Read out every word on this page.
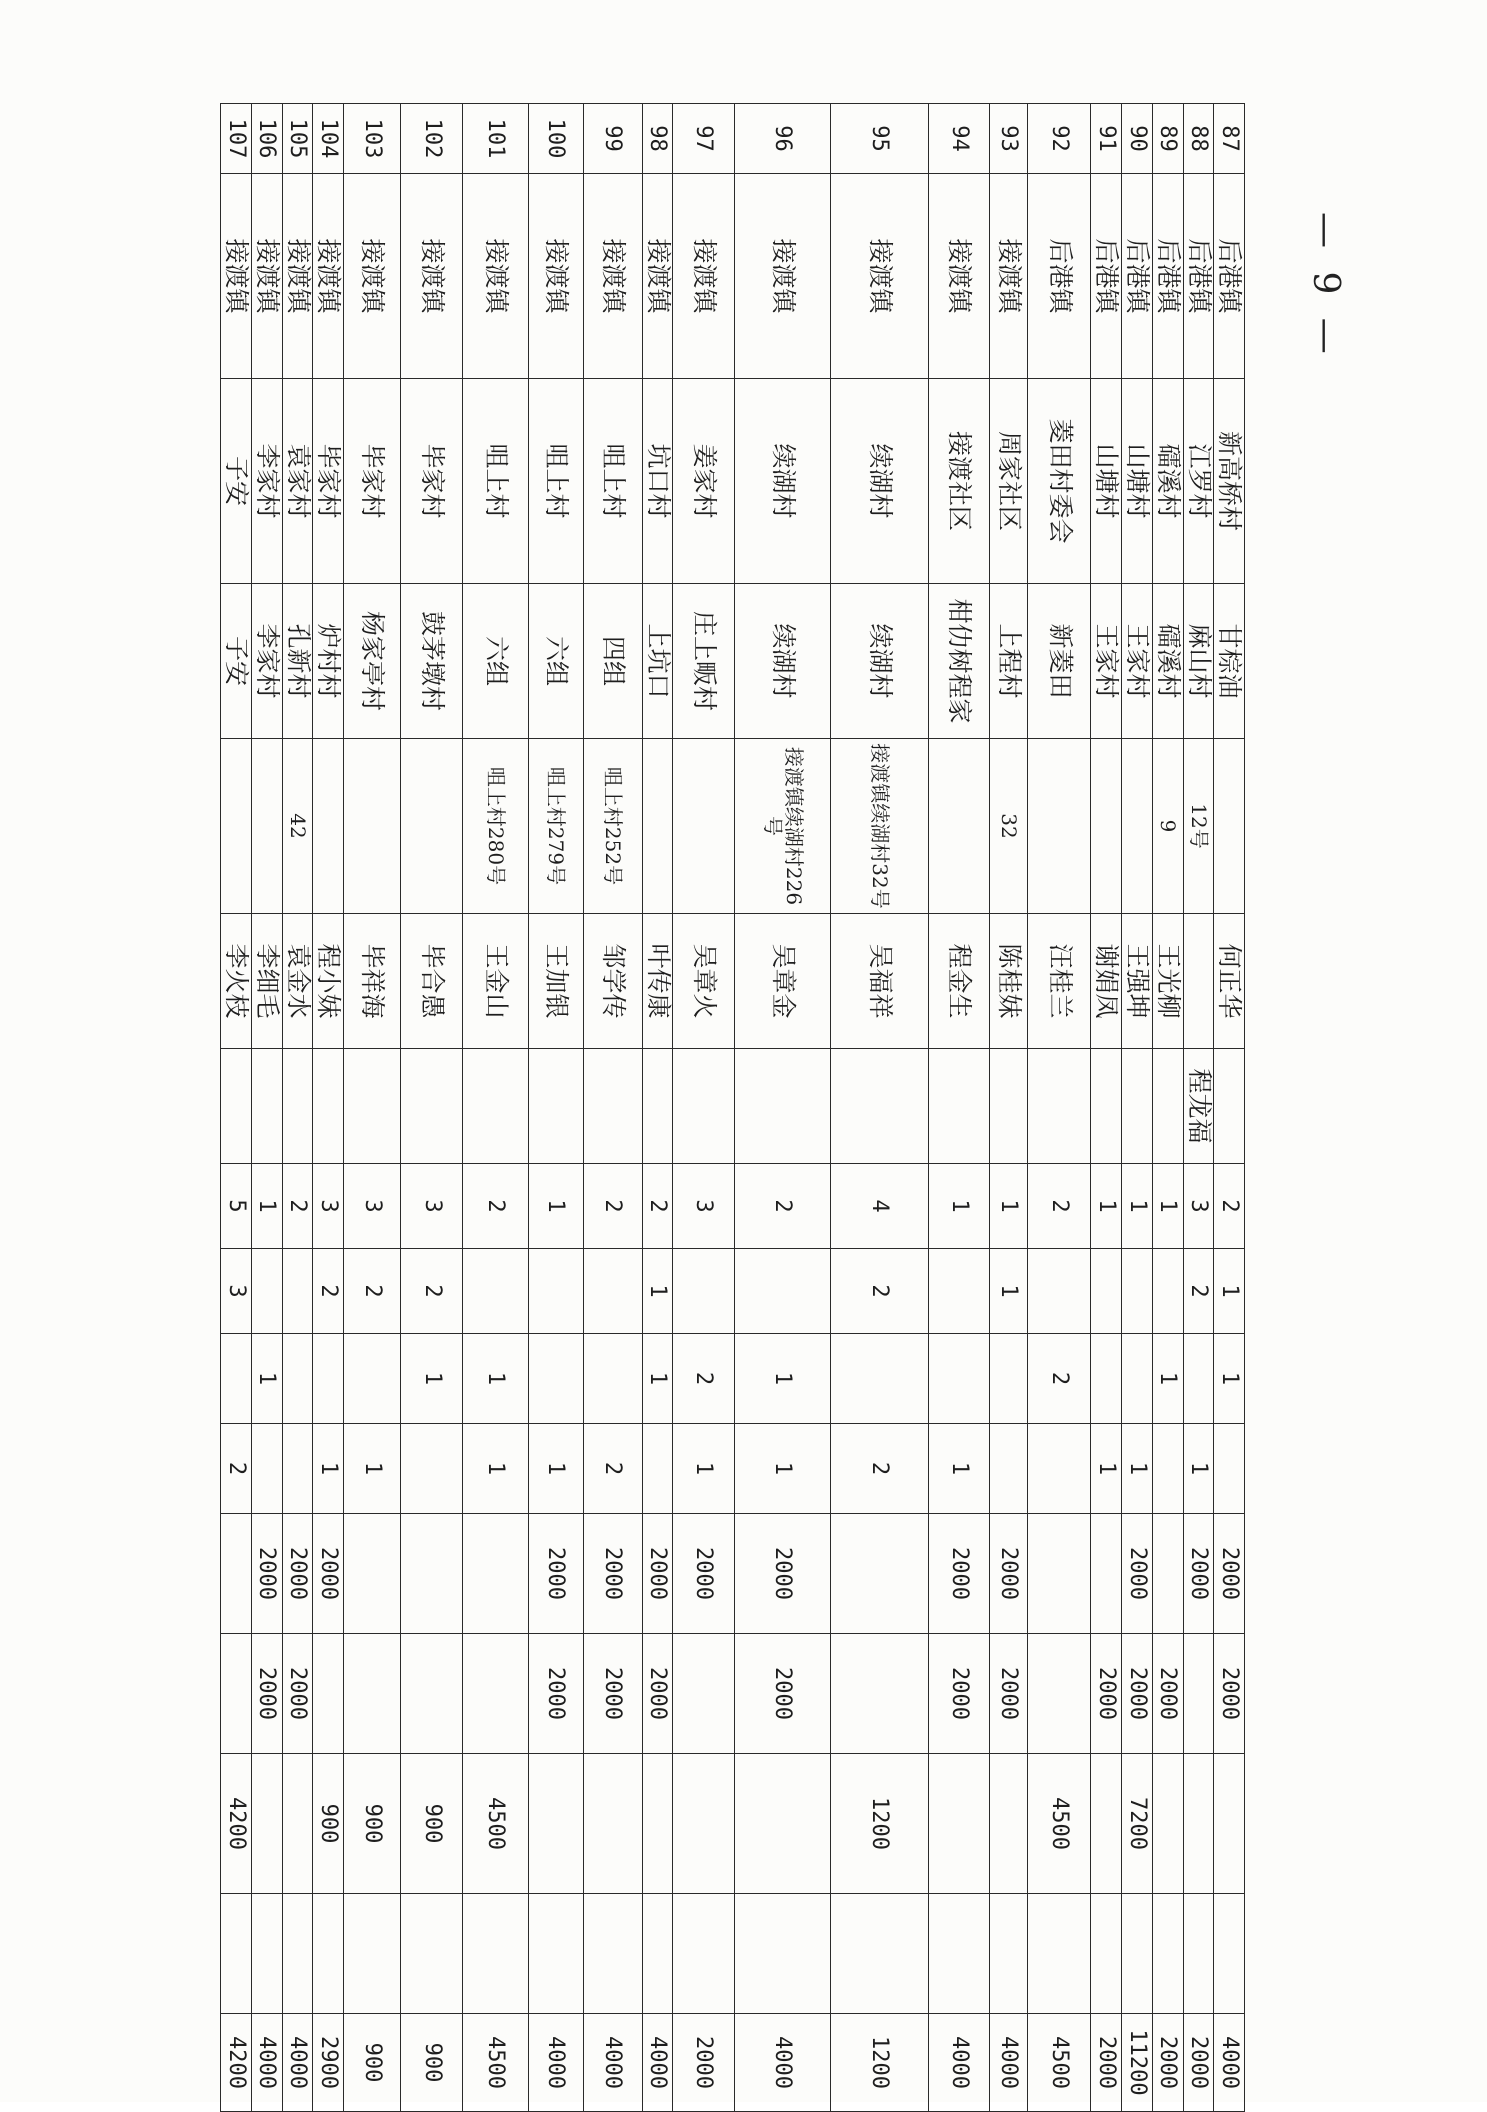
87	后港镇	新高桥村	甘棕油		何正华		2	1	1		2000	2000			4000
88	后港镇	江罗村	麻山村	12号		程龙福	3	2		1	2000				2000
89	后港镇	礌溪村	礌溪村	9	王光柳		1		1			2000			2000
90	后港镇	山塘村	王家村		王强坤		1			1	2000	2000	7200		11200
91	后港镇	山塘村	王家村		谢娟凤		1			1		2000			2000
92	后港镇	菱田村委会	新菱田		汪桂兰		2		2				4500		4500
93	接渡镇	周家社区	上程村	32	陈桂妹		1	1			2000	2000			4000
94	接渡镇	接渡社区	柑仂树程家		程金生		1			1	2000	2000			4000
95	接渡镇	续湖村	续湖村	接渡镇续湖村32号	吴福祥		4	2		2			1200		1200
96	接渡镇	续湖村	续湖村	接渡镇续湖村226号	吴章金		2		1	1	2000	2000			4000
97	接渡镇	姜家村	庄上畈村		吴章火		3		2	1	2000				2000
98	接渡镇	坑口村	上坑口		叶传康		2	1	1		2000	2000			4000
99	接渡镇	咀上村	四组	咀上村252号	邹学传		2			2	2000	2000			4000
100	接渡镇	咀上村	六组	咀上村279号	王加银		1			1	2000	2000			4000
101	接渡镇	咀上村	六组	咀上村280号	王金山		2		1	1			4500		4500
102	接渡镇	毕家村	鼓茅墩村		毕合愚		3	2	1				900		900
103	接渡镇	毕家村	杨家亭村		毕祥海		3	2		1			900		900
104	接渡镇	毕家村	炉村村		程小妹		3	2		1	2000		900		2900
105	接渡镇	袁家村	孔新村	42	袁金水		2				2000	2000			4000
106	接渡镇	李家村	李家村		李细毛		1		1		2000	2000			4000
107	接渡镇	子安	子安		李火枝		5	3		2			4200		4200
— 9 —
